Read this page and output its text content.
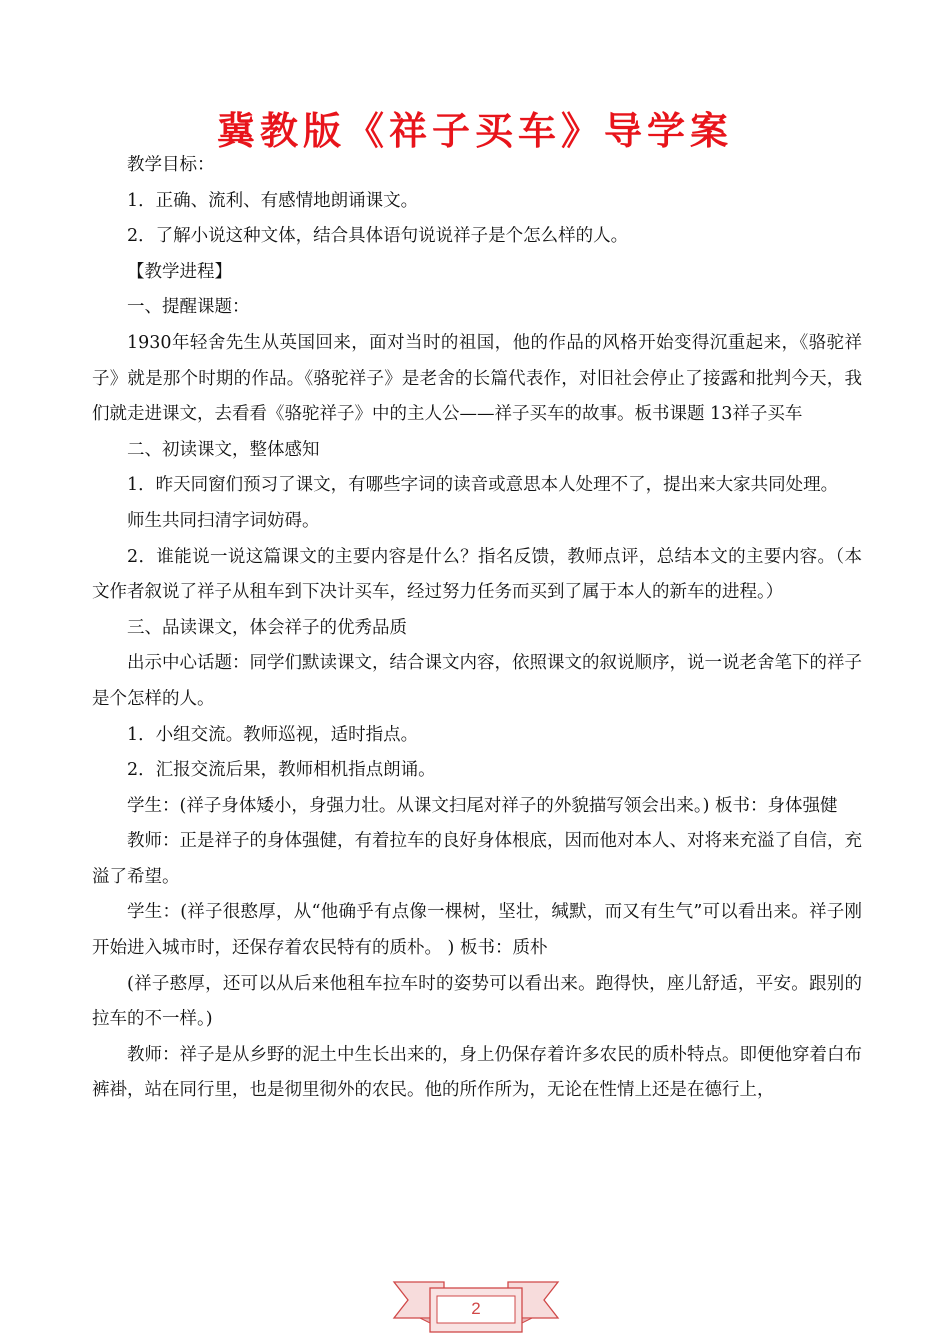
冀教版《祥子买车》导学案

教学目标：

1．正确、流利、有感情地朗诵课文。

2．了解小说这种文体，结合具体语句说说祥子是个怎么样的人。

【教学进程】

一、提醒课题：

1930年轻舍先生从英国回来，面对当时的祖国，他的作品的风格开始变得沉重起来，《骆驼祥子》就是那个时期的作品。《骆驼祥子》是老舍的长篇代表作，对旧社会停止了接露和批判今天，我们就走进课文，去看看《骆驼祥子》中的主人公——祥子买车的故事。板书课题 13祥子买车

二、初读课文，整体感知

1．昨天同窗们预习了课文，有哪些字词的读音或意思本人处理不了，提出来大家共同处理。

师生共同扫清字词妨碍。

2．谁能说一说这篇课文的主要内容是什么？指名反馈，教师点评，总结本文的主要内容。（本文作者叙说了祥子从租车到下决计买车，经过努力任务而买到了属于本人的新车的进程。）

三、品读课文，体会祥子的优秀品质

出示中心话题：同学们默读课文，结合课文内容，依照课文的叙说顺序，说一说老舍笔下的祥子是个怎样的人。

1．小组交流。教师巡视，适时指点。

2．汇报交流后果，教师相机指点朗诵。

学生：(祥子身体矮小，身强力壮。从课文扫尾对祥子的外貌描写领会出来。) 板书：身体强健

教师：正是祥子的身体强健，有着拉车的良好身体根底，因而他对本人、对将来充溢了自信，充溢了希望。

学生：(祥子很憨厚，从“他确乎有点像一棵树，坚壮，缄默，而又有生气”可以看出来。祥子刚开始进入城市时，还保存着农民特有的质朴。 ) 板书：质朴

(祥子憨厚，还可以从后来他租车拉车时的姿势可以看出来。跑得快，座儿舒适，平安。跟别的拉车的不一样。)

教师：祥子是从乡野的泥土中生长出来的，身上仍保存着许多农民的质朴特点。即便他穿着白布裤褂，站在同行里，也是彻里彻外的农民。他的所作所为，无论在性情上还是在德行上，

2
